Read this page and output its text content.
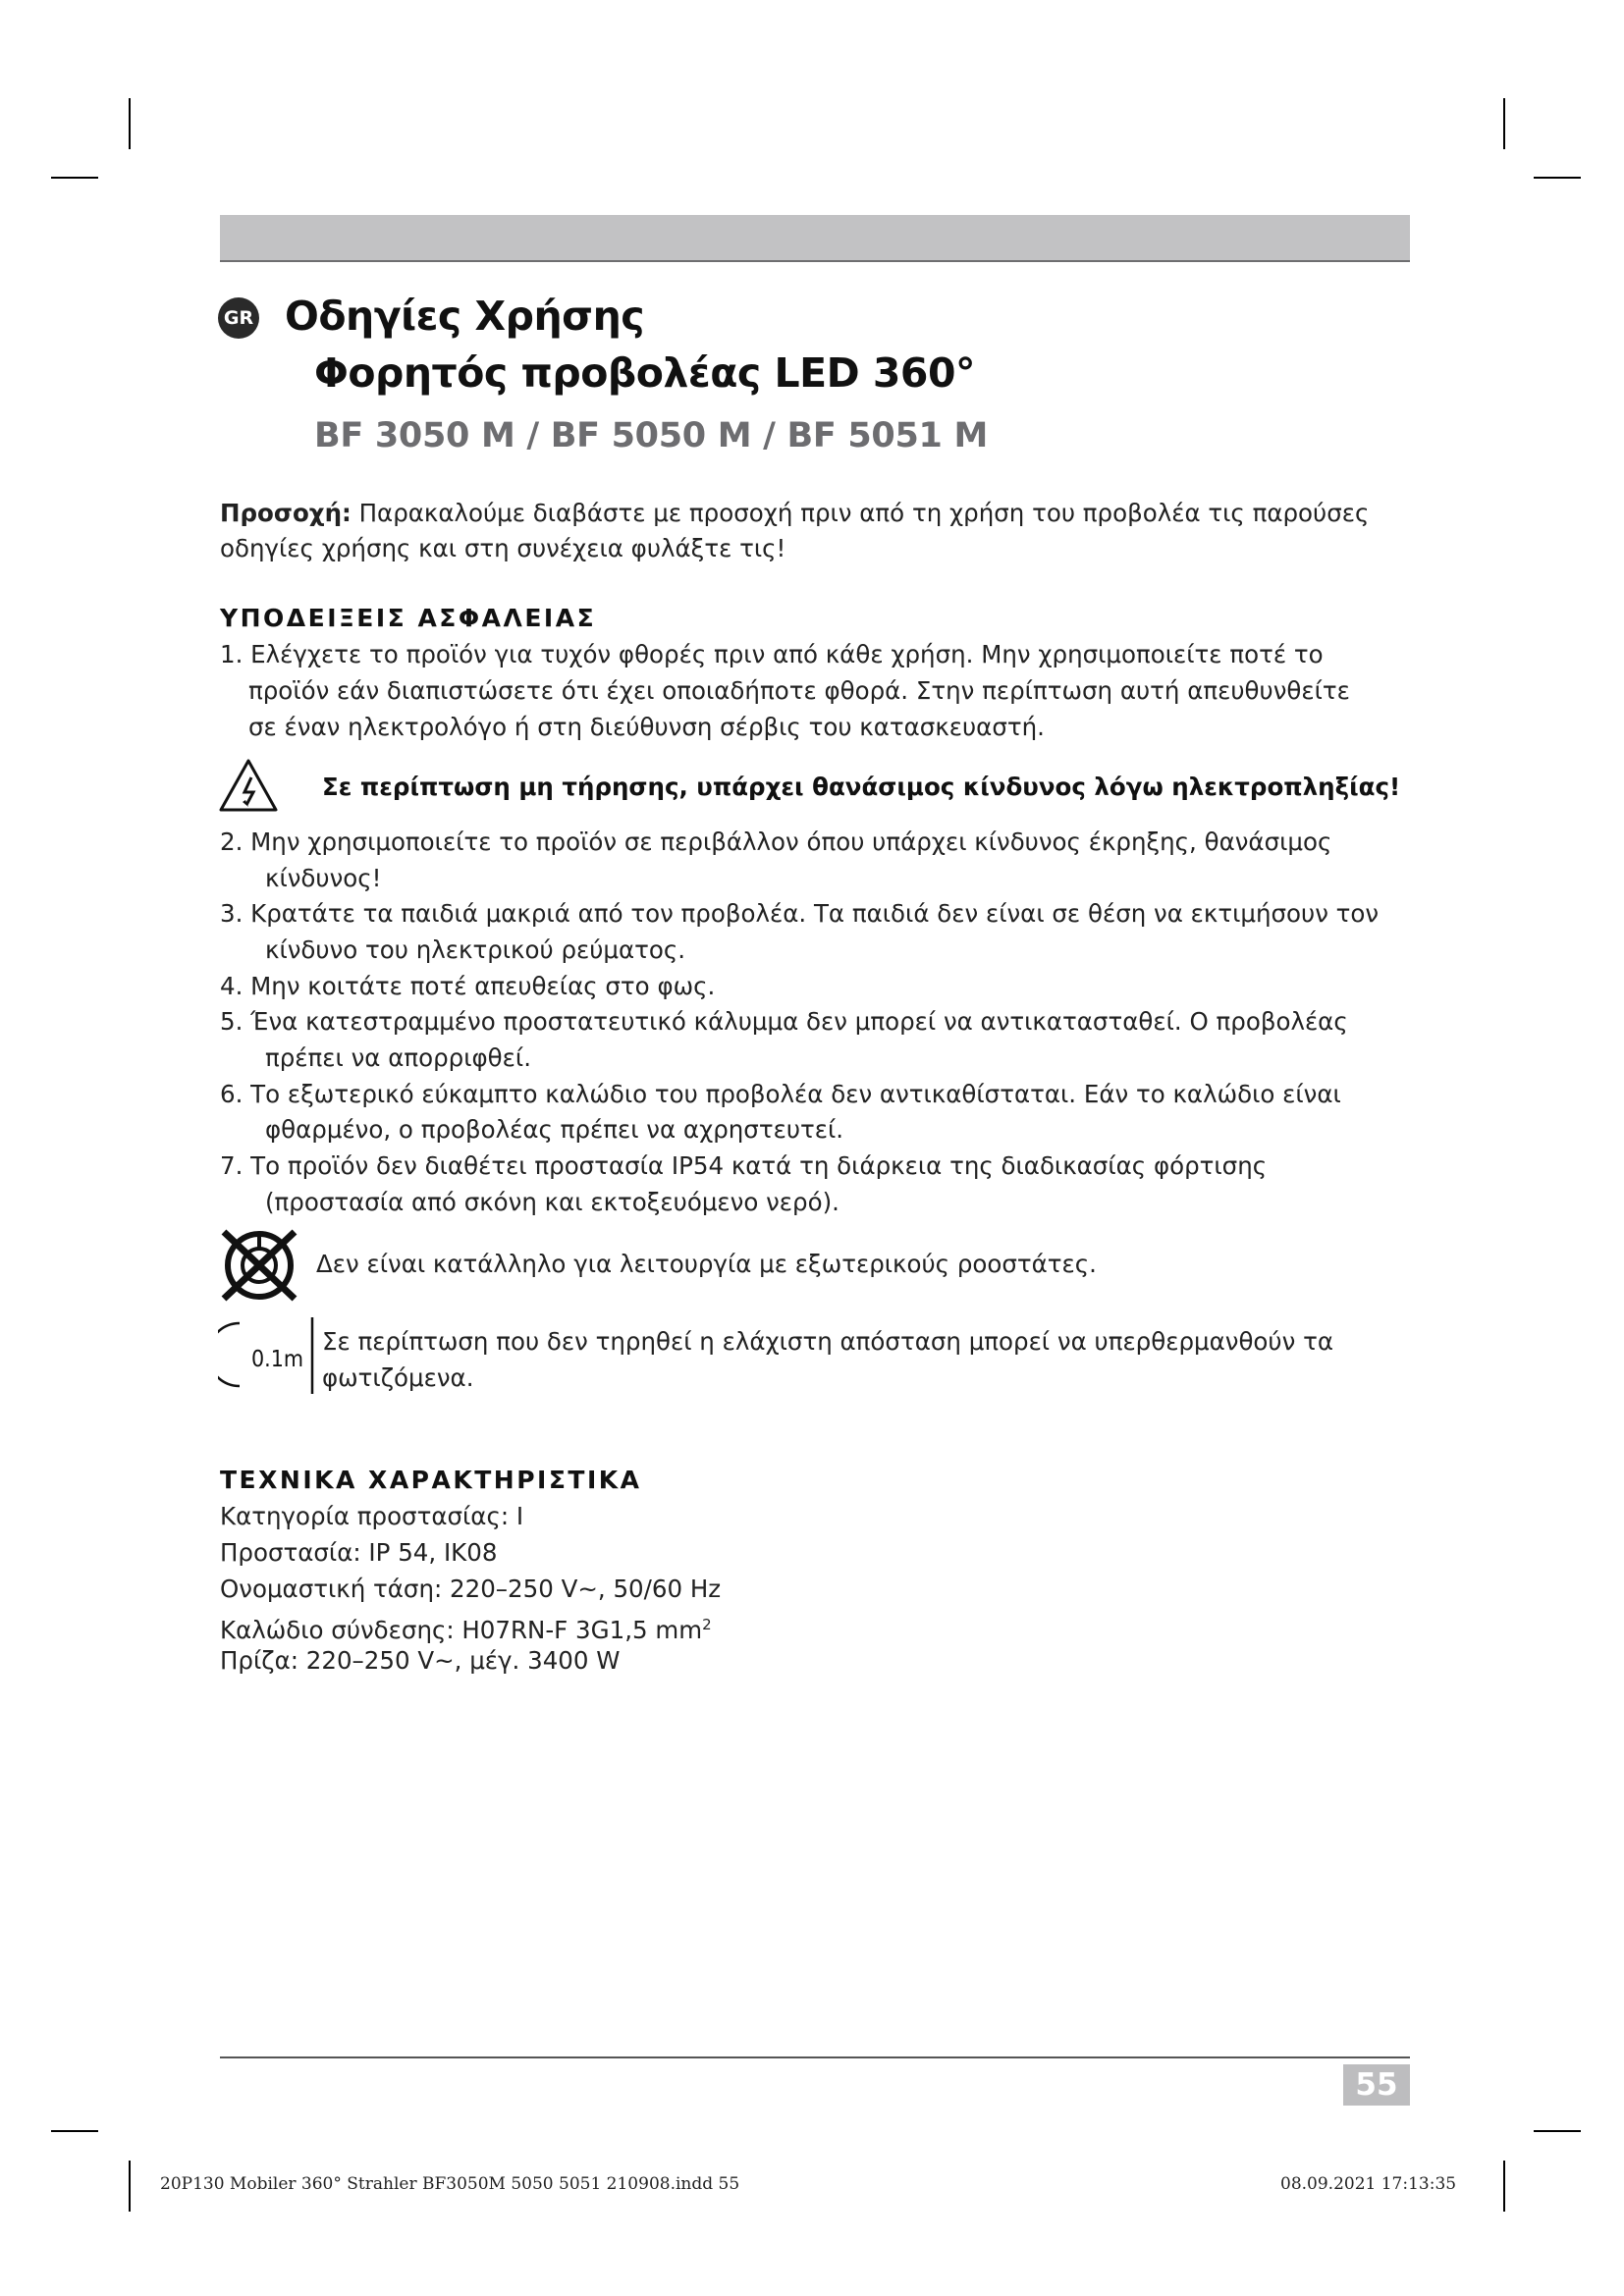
GR Οδηγίες Χρήσης
Φορητός προβολέας LED 360°
BF 3050 M / BF 5050 M / BF 5051 M
Προσοχή: Παρακαλούμε διαβάστε με προσοχή πριν από τη χρήση του προβολέα τις παρούσες
οδηγίες χρήσης και στη συνέχεια φυλάξτε τις!
ΥΠΟΔΕΙΞΕΙΣ ΑΣΦΑΛΕΙΑΣ
1. Ελέγχετε το προϊόν για τυχόν φθορές πριν από κάθε χρήση. Μην χρησιμοποιείτε ποτέ το
προϊόν εάν διαπιστώσετε ότι έχει οποιαδήποτε φθορά. Στην περίπτωση αυτή απευθυνθείτε
σε έναν ηλεκτρολόγο ή στη διεύθυνση σέρβις του κατασκευαστή.
Σε περίπτωση μη τήρησης, υπάρχει θανάσιμος κίνδυνος λόγω ηλεκτροπληξίας!
2. Μην χρησιμοποιείτε το προϊόν σε περιβάλλον όπου υπάρχει κίνδυνος έκρηξης, θανάσιμος
κίνδυνος!
3. Κρατάτε τα παιδιά μακριά από τον προβολέα. Τα παιδιά δεν είναι σε θέση να εκτιμήσουν τον
κίνδυνο του ηλεκτρικού ρεύματος.
4. Μην κοιτάτε ποτέ απευθείας στο φως.
5. Ένα κατεστραμμένο προστατευτικό κάλυμμα δεν μπορεί να αντικατασταθεί. Ο προβολέας
πρέπει να απορριφθεί.
6. Το εξωτερικό εύκαμπτο καλώδιο του προβολέα δεν αντικαθίσταται. Εάν το καλώδιο είναι
φθαρμένο, ο προβολέας πρέπει να αχρηστευτεί.
7. Το προϊόν δεν διαθέτει προστασία IP54 κατά τη διάρκεια της διαδικασίας φόρτισης
(προστασία από σκόνη και εκτοξευόμενο νερό).
Δεν είναι κατάλληλο για λειτουργία με εξωτερικούς ροοστάτες.
0.1m
Σε περίπτωση που δεν τηρηθεί η ελάχιστη απόσταση μπορεί να υπερθερμανθούν τα
φωτιζόμενα.
ΤΕΧΝΙΚΑ ΧΑΡΑΚΤΗΡΙΣΤΙΚΑ
Κατηγορία προστασίας: I
Προστασία: IP 54, IK08
Ονομαστική τάση: 220–250 V~, 50/60 Hz
Καλώδιο σύνδεσης: H07RN-F 3G1,5 $mm^2$
Πρίζα: 220–250 V~, μέγ. 3400 W
55
20P130 Mobiler 360° Strahler BF3050M 5050 5051 210908.indd 55	08.09.2021 17:13:35
